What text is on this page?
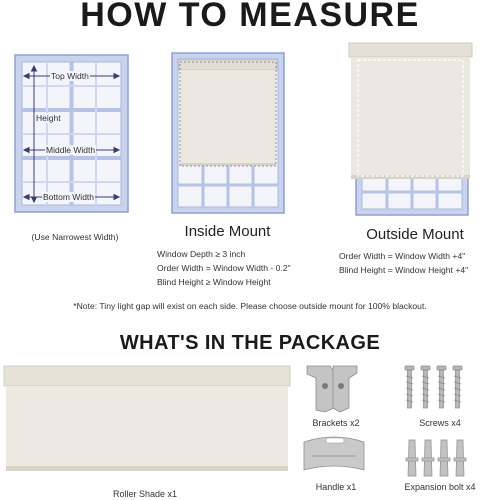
HOW TO MEASURE
Top Width
Height
Middle Width
Bottom Width
(Use Narrowest Width)	Inside Mount
Window Depth ≥ 3 inch
Order Width = Window Width - 0.2"
Blind Height ≥ Window Height
Outside Mount
Order Width = Window Width +4"
Blind Height = Window Height +4"
*Note: Tiny light gap will exist on each side. Please choose outside mount for 100% blackout.
WHAT'S IN THE PACKAGE
Roller Shade x1
Brackets x2	Screws x4
Handle x1	Expansion bolt x4
